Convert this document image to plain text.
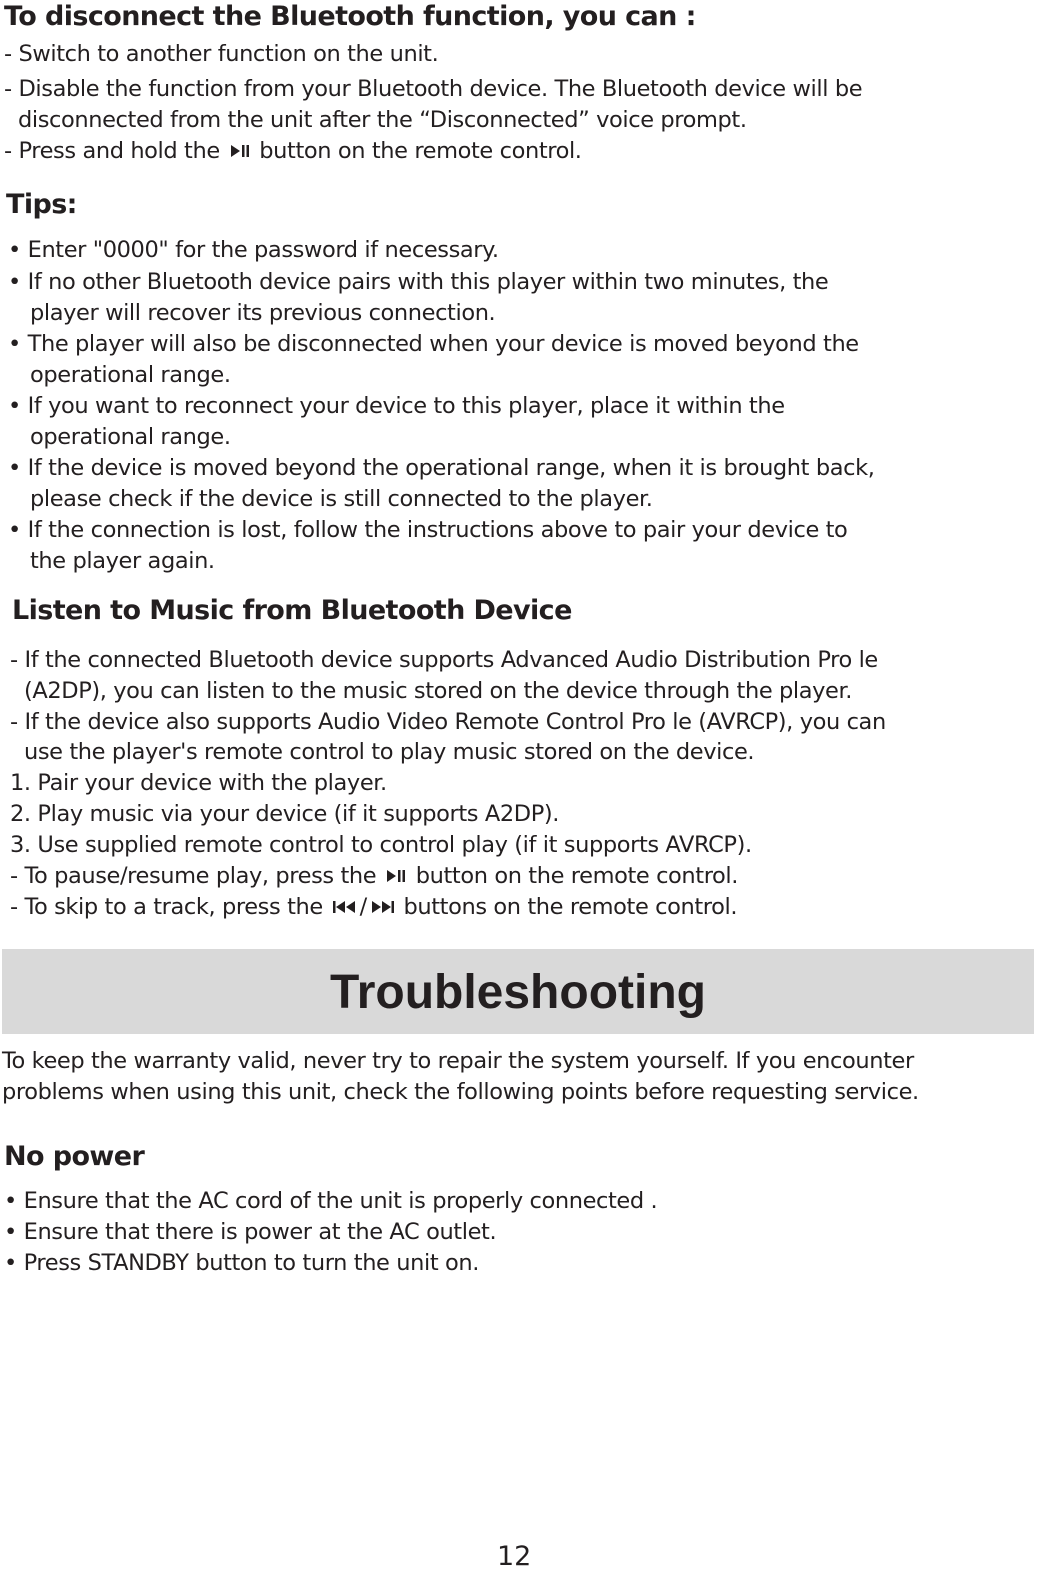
To disconnect the Bluetooth function, you can :
- Switch to another function on the unit.
- Disable the function from your Bluetooth device. The Bluetooth device will be
disconnected from the unit after the “Disconnected” voice prompt.
- Press and hold the button on the remote control.
Tips:
• Enter "0000" for the password if necessary.
• If no other Bluetooth device pairs with this player within two minutes, the
player will recover its previous connection.
• The player will also be disconnected when your device is moved beyond the
operational range.
• If you want to reconnect your device to this player, place it within the
operational range.
• If the device is moved beyond the operational range, when it is brought back,
please check if the device is still connected to the player.
• If the connection is lost, follow the instructions above to pair your device to
the player again.
Listen to Music from Bluetooth Device
- If the connected Bluetooth device supports Advanced Audio Distribution Pro le
(A2DP), you can listen to the music stored on the device through the player.
- If the device also supports Audio Video Remote Control Pro le (AVRCP), you can
use the player's remote control to play music stored on the device.
1. Pair your device with the player.
2. Play music via your device (if it supports A2DP).
3. Use supplied remote control to control play (if it supports AVRCP).
- To pause/resume play, press the button on the remote control.
- To skip to a track, press the / buttons on the remote control.
Troubleshooting
To keep the warranty valid, never try to repair the system yourself. If you encounter
problems when using this unit, check the following points before requesting service.
No power
• Ensure that the AC cord of the unit is properly connected .
• Ensure that there is power at the AC outlet.
• Press STANDBY button to turn the unit on.
12
